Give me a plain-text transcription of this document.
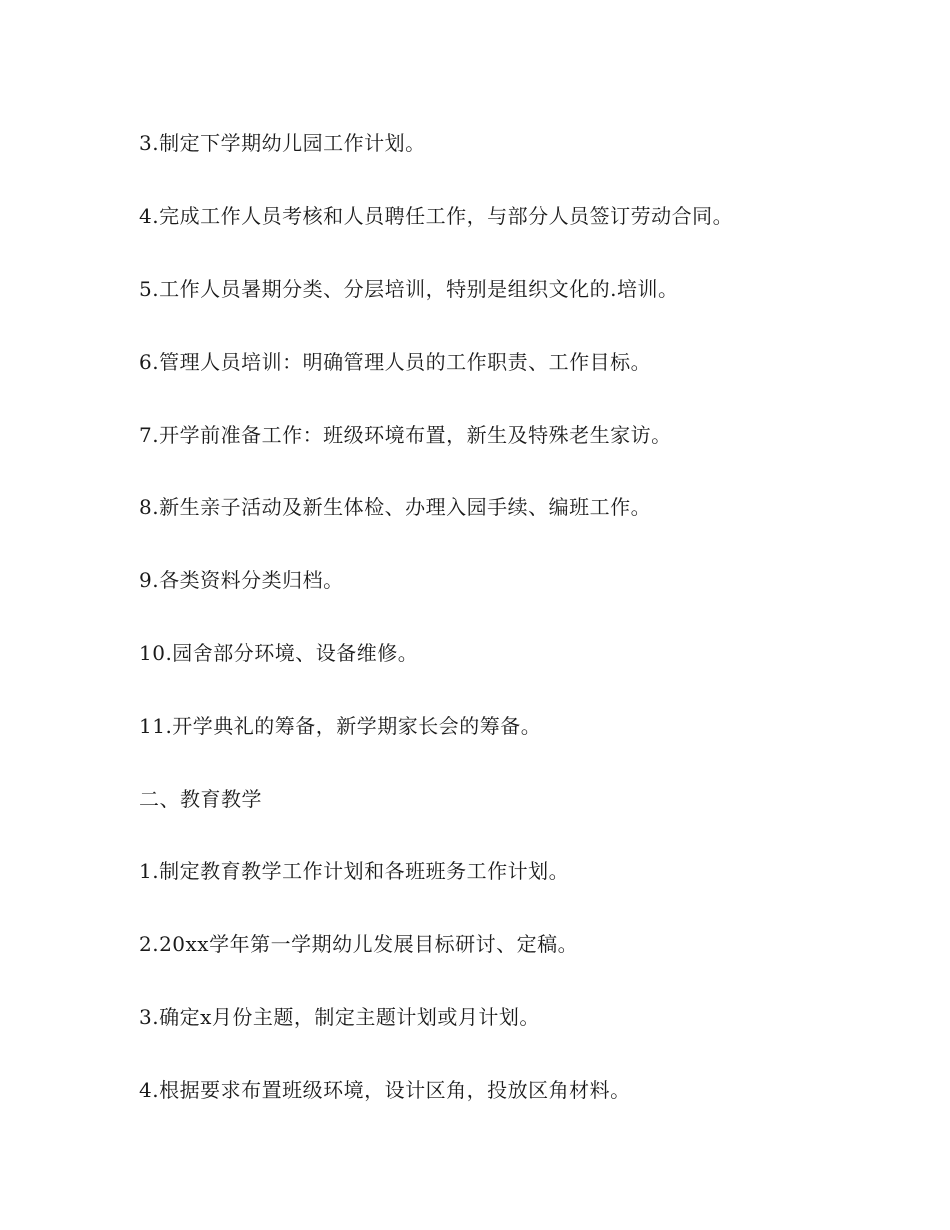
3.制定下学期幼儿园工作计划。

4.完成工作人员考核和人员聘任工作，与部分人员签订劳动合同。

5.工作人员暑期分类、分层培训，特别是组织文化的.培训。

6.管理人员培训：明确管理人员的工作职责、工作目标。

7.开学前准备工作：班级环境布置，新生及特殊老生家访。

8.新生亲子活动及新生体检、办理入园手续、编班工作。

9.各类资料分类归档。

10.园舍部分环境、设备维修。

11.开学典礼的筹备，新学期家长会的筹备。

二、教育教学

1.制定教育教学工作计划和各班班务工作计划。

2.20xx学年第一学期幼儿发展目标研讨、定稿。

3.确定x月份主题，制定主题计划或月计划。

4.根据要求布置班级环境，设计区角，投放区角材料。
